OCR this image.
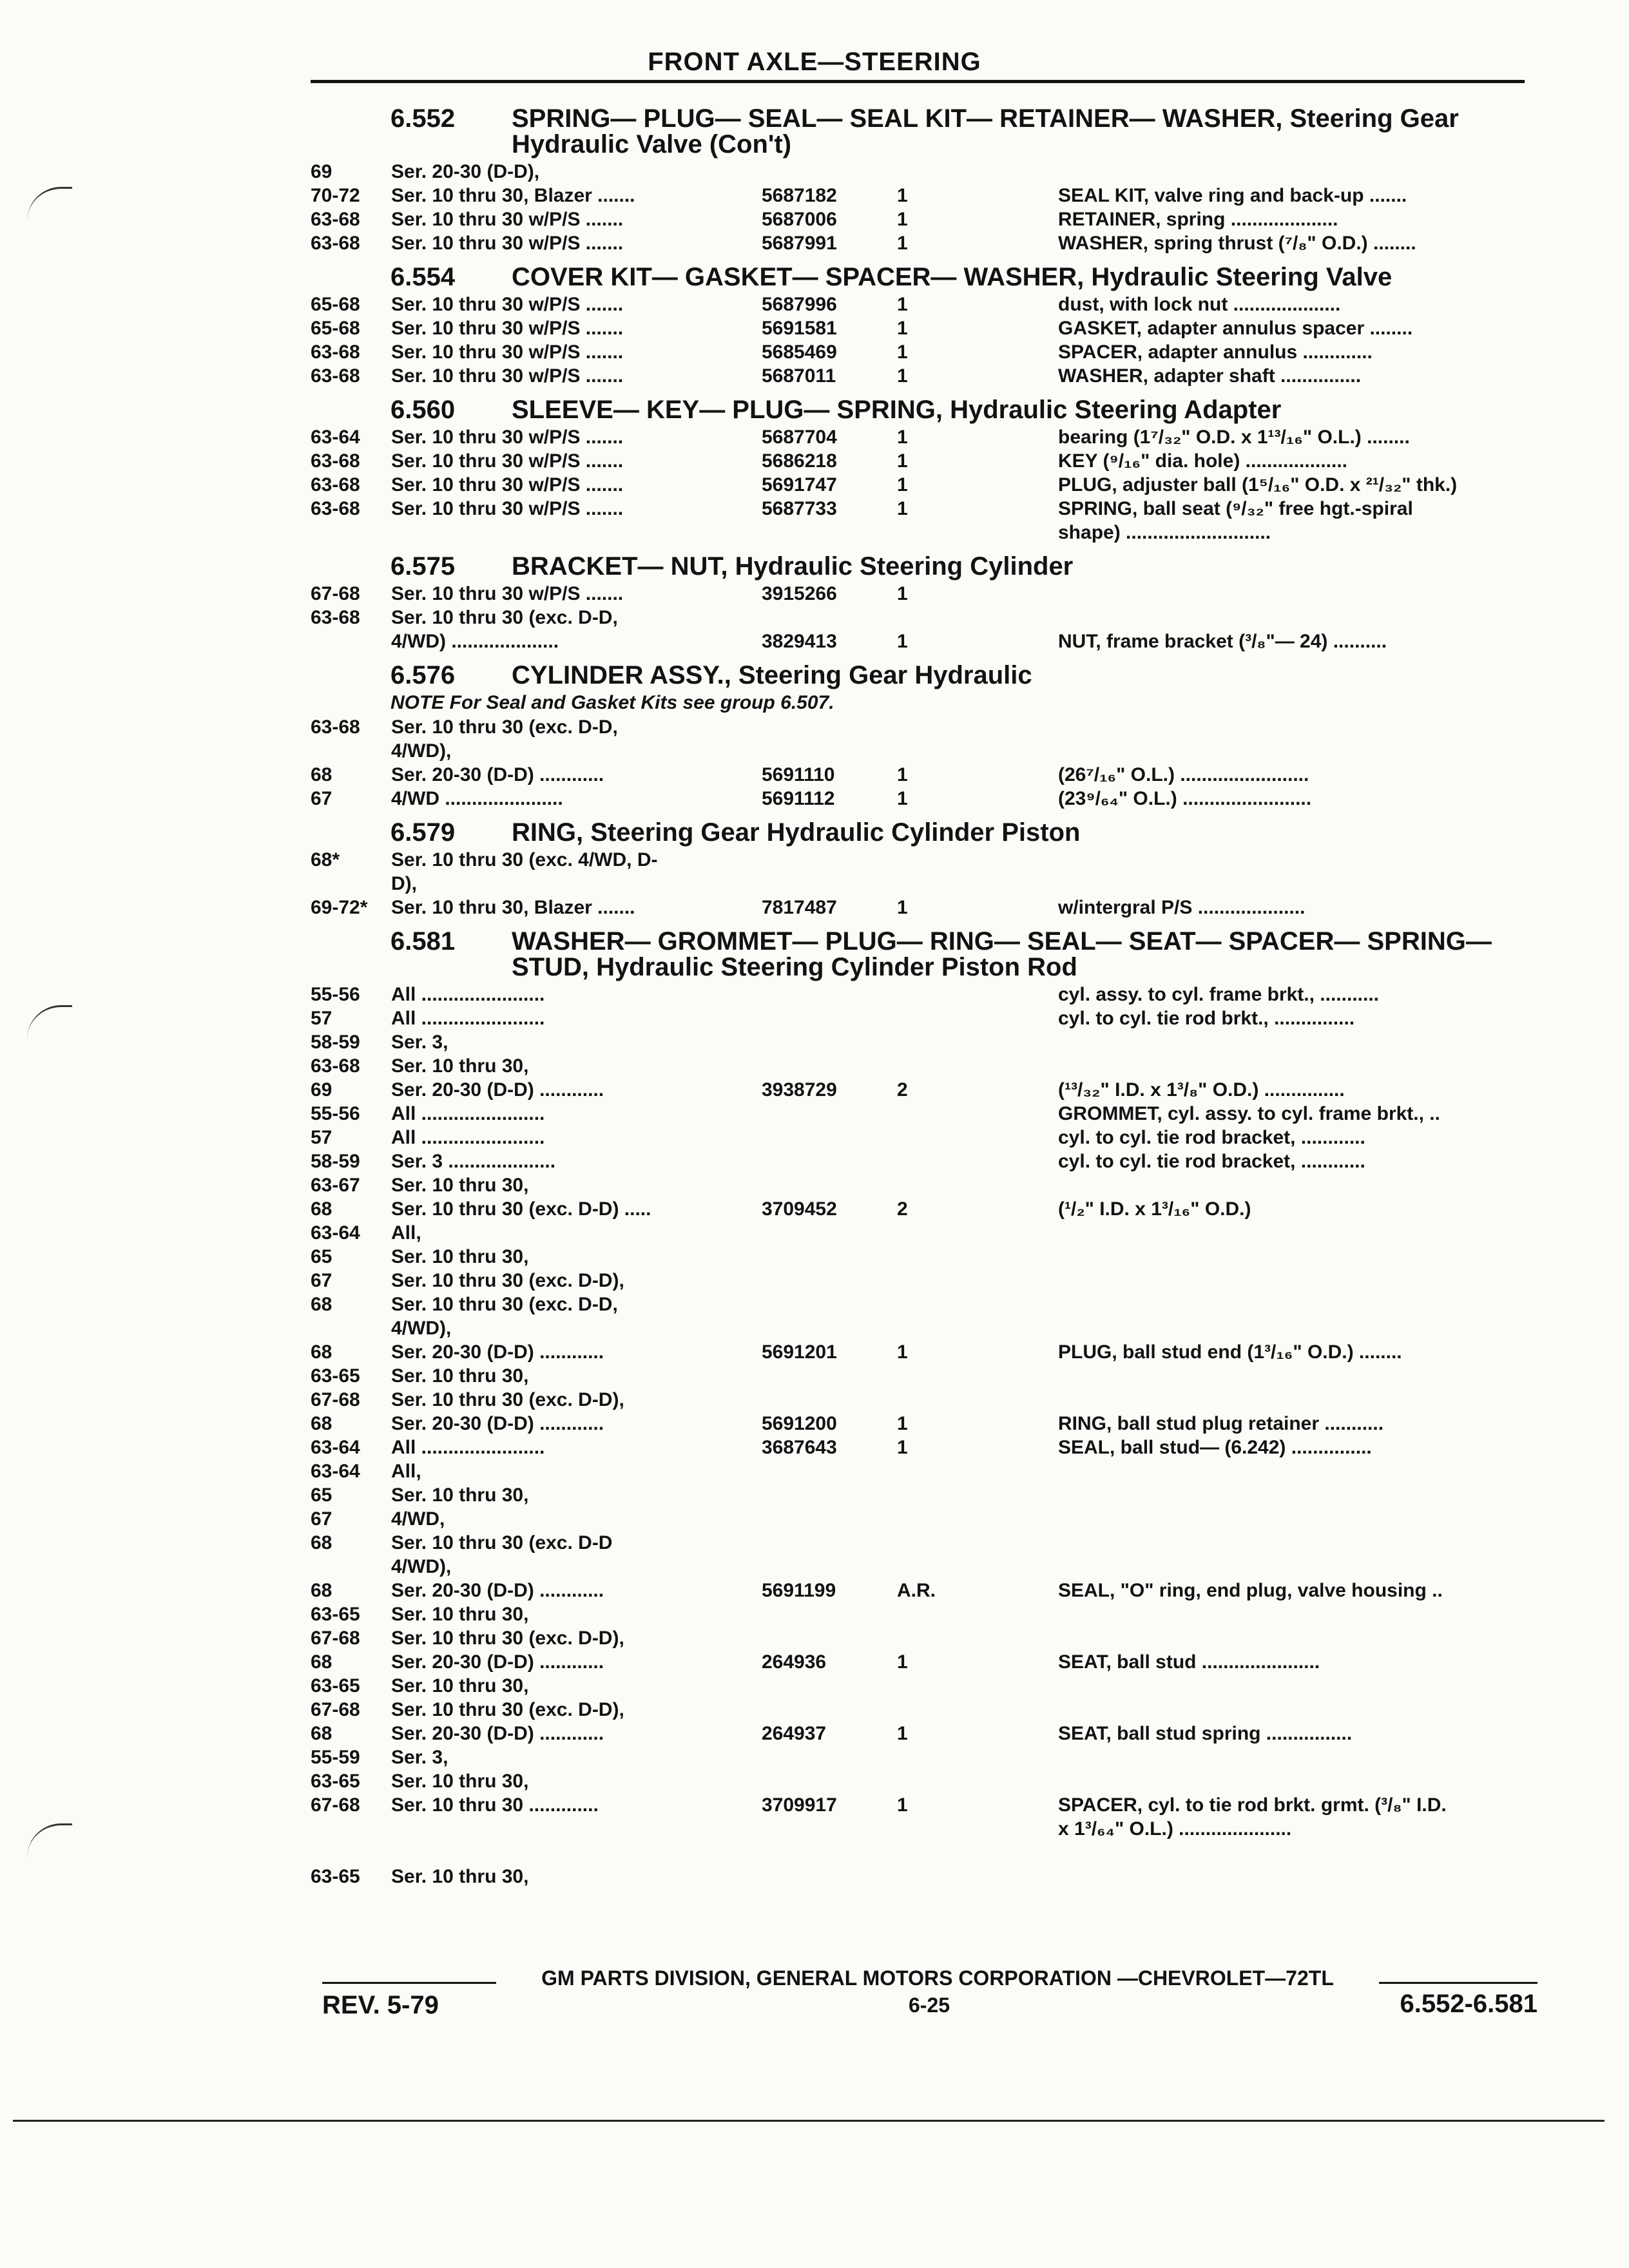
FRONT AXLE—STEERING
6.552	SPRING— PLUG— SEAL— SEAL KIT— RETAINER— WASHER, Steering Gear Hydraulic Valve (Con't)
69	Ser. 20-30 (D-D),
70-72	Ser. 10 thru 30, Blazer .......	5687182	1	SEAL KIT, valve ring and back-up .......
63-68	Ser. 10 thru 30 w/P/S .......	5687006	1	RETAINER, spring ....................
63-68	Ser. 10 thru 30 w/P/S .......	5687991	1	WASHER, spring thrust (⁷/₈" O.D.) ........
6.554	COVER KIT— GASKET— SPACER— WASHER, Hydraulic Steering Valve
65-68	Ser. 10 thru 30 w/P/S .......	5687996	1	dust, with lock nut ....................
65-68	Ser. 10 thru 30 w/P/S .......	5691581	1	GASKET, adapter annulus spacer ........
63-68	Ser. 10 thru 30 w/P/S .......	5685469	1	SPACER, adapter annulus .............
63-68	Ser. 10 thru 30 w/P/S .......	5687011	1	WASHER, adapter shaft ...............
6.560	SLEEVE— KEY— PLUG— SPRING, Hydraulic Steering Adapter
63-64	Ser. 10 thru 30 w/P/S .......	5687704	1	bearing (1⁷/₃₂" O.D. x 1¹³/₁₆" O.L.) ........
63-68	Ser. 10 thru 30 w/P/S .......	5686218	1	KEY (⁹/₁₆" dia. hole) ...................
63-68	Ser. 10 thru 30 w/P/S .......	5691747	1	PLUG, adjuster ball (1⁵/₁₆" O.D. x ²¹/₃₂" thk.)
63-68	Ser. 10 thru 30 w/P/S .......	5687733	1	SPRING, ball seat (⁹/₃₂" free hgt.-spiral
shape) ...........................
6.575	BRACKET— NUT, Hydraulic Steering Cylinder
67-68	Ser. 10 thru 30 w/P/S .......	3915266	1
63-68	Ser. 10 thru 30 (exc. D-D,
4/WD) ....................	3829413	1	NUT, frame bracket (³/₈"— 24) ..........
6.576	CYLINDER ASSY., Steering Gear Hydraulic
NOTE For Seal and Gasket Kits see group 6.507.
63-68	Ser. 10 thru 30 (exc. D-D,
4/WD),
68	Ser. 20-30 (D-D) ............	5691110	1	(26⁷/₁₆" O.L.) ........................
67	4/WD ......................	5691112	1	(23⁹/₆₄" O.L.) ........................
6.579	RING, Steering Gear Hydraulic Cylinder Piston
68*	Ser. 10 thru 30 (exc. 4/WD, D-
D),
69-72*	Ser. 10 thru 30, Blazer .......	7817487	1	w/intergral P/S ....................
6.581	WASHER— GROMMET— PLUG— RING— SEAL— SEAT— SPACER— SPRING— STUD, Hydraulic Steering Cylinder Piston Rod
55-56	All .......................	cyl. assy. to cyl. frame brkt., ...........
57	All .......................	cyl. to cyl. tie rod brkt., ...............
58-59	Ser. 3,
63-68	Ser. 10 thru 30,
69	Ser. 20-30 (D-D) ............	3938729	2	(¹³/₃₂" I.D. x 1³/₈" O.D.) ...............
55-56	All .......................	GROMMET, cyl. assy. to cyl. frame brkt., ..
57	All .......................	cyl. to cyl. tie rod bracket, ............
58-59	Ser. 3 ....................	cyl. to cyl. tie rod bracket, ............
63-67	Ser. 10 thru 30,
68	Ser. 10 thru 30 (exc. D-D) .....	3709452	2	(¹/₂" I.D. x 1³/₁₆" O.D.)
63-64	All,
65	Ser. 10 thru 30,
67	Ser. 10 thru 30 (exc. D-D),
68	Ser. 10 thru 30 (exc. D-D,
4/WD),
68	Ser. 20-30 (D-D) ............	5691201	1	PLUG, ball stud end (1³/₁₆" O.D.) ........
63-65	Ser. 10 thru 30,
67-68	Ser. 10 thru 30 (exc. D-D),
68	Ser. 20-30 (D-D) ............	5691200	1	RING, ball stud plug retainer ...........
63-64	All .......................	3687643	1	SEAL, ball stud— (6.242) ...............
63-64	All,
65	Ser. 10 thru 30,
67	4/WD,
68	Ser. 10 thru 30 (exc. D-D
4/WD),
68	Ser. 20-30 (D-D) ............	5691199	A.R.	SEAL, "O" ring, end plug, valve housing ..
63-65	Ser. 10 thru 30,
67-68	Ser. 10 thru 30 (exc. D-D),
68	Ser. 20-30 (D-D) ............	264936	1	SEAT, ball stud ......................
63-65	Ser. 10 thru 30,
67-68	Ser. 10 thru 30 (exc. D-D),
68	Ser. 20-30 (D-D) ............	264937	1	SEAT, ball stud spring ................
55-59	Ser. 3,
63-65	Ser. 10 thru 30,
67-68	Ser. 10 thru 30 .............	3709917	1	SPACER, cyl. to tie rod brkt. grmt. (³/₈" I.D.
x 1³/₆₄" O.L.) .....................
63-65	Ser. 10 thru 30,
GM PARTS DIVISION, GENERAL MOTORS CORPORATION —CHEVROLET—72TL
REV. 5-79	6-25	6.552-6.581
